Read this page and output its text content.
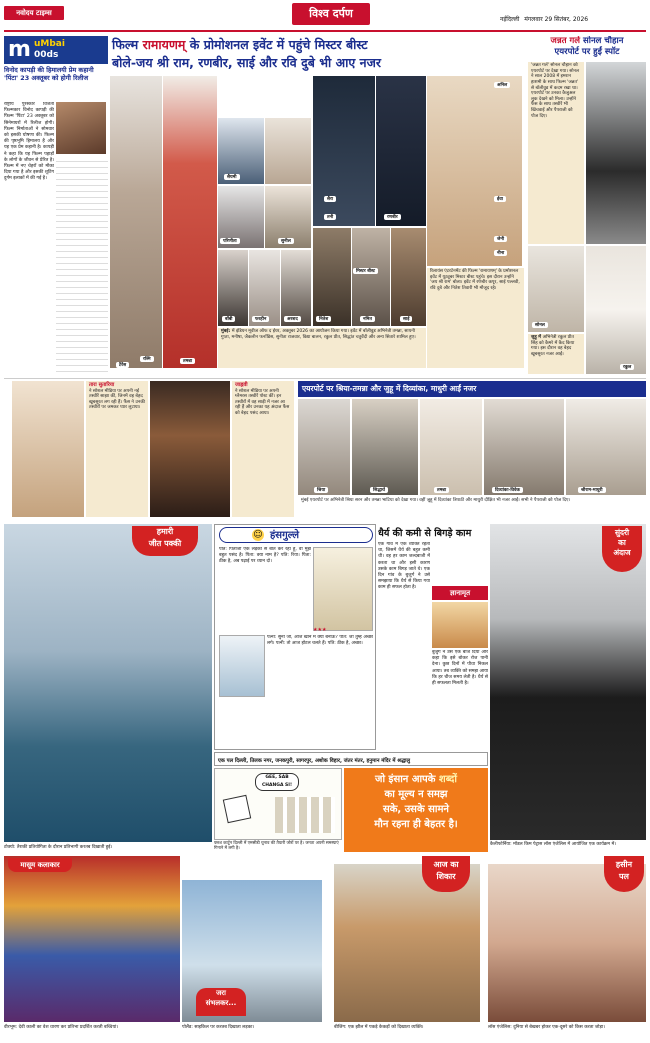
नवोदय टाइम्स	विश्व दर्पण	नईदिल्ली मंगलवार 29 सितंबर, 2026
m uMbai
00ds
विनोद कापड़ी की हिमालयी प्रेम कहानी 'पिंटा' 23 अक्तूबर को होगी रिलीज
राष्ट्रीय पुरस्कार विजेता फिल्मकार विनोद कापड़ी की फिल्म 'पिंटा' 23 अक्तूबर को सिनेमाघरों में रिलीज होगी। फिल्म निर्माताओं ने सोमवार को इसकी घोषणा की। फिल्म की पृष्ठभूमि हिमालय है और यह एक प्रेम कहानी है। कापड़ी ने कहा कि यह फिल्म पहाड़ों के लोगों के जीवन से प्रेरित है। फिल्म में नए चेहरों को मौका दिया गया है और इसकी शूटिंग दुर्गम इलाकों में की गई है।
फिल्म रामायणम् के प्रोमोशनल इवेंट में पहुंचे मिस्टर बीस्ट
बोले-जय श्री राम, रणबीर, साई और रवि दुबे भी आए नजर
रश्मि	तमन्ना
सैयमी
परिणीता	सुनील
बॉबी	फरहीन	अरशद
टैरेंस
तनी	रणबीर
मिस्टर बीस्ट
नितेश	नमित	साई
सैरा
अनिल
ईवा
जेनी
नीना
मुंबई: में इंडियन मूवीज ऑफ द ईयर, अक्तूबर 2026 का आयोजन किया गया। इवेंट में बॉलीवुड अभिनेत्री तमन्ना, सायनी गुप्ता, मनीषा, जैकलीन फर्नांडिस, सुनीता राजवार, विद्या बालन, रकुल प्रीत, सिद्धांत चतुर्वेदी और अन्य सितारे शामिल हुए।
रिलायंस एंटरटेनमेंट की फिल्म 'रामायणम्' के प्रमोशनल इवेंट में यूट्यूबर मिस्टर बीस्ट पहुंचे। इस दौरान उन्होंने 'जय श्री राम' बोला। इवेंट में रणबीर कपूर, साई पल्लवी, रवि दुबे और नितेश तिवारी भी मौजूद रहे।
जन्नत गर्ल सोनल चौहान
एयरपोर्ट पर हुईं स्पॉट
'जन्नत गर्ल' सोनल चौहान को एयरपोर्ट पर देखा गया। सोनल ने साल 2008 में इमरान हाशमी के साथ फिल्म 'जन्नत' से बॉलीवुड में कदम रखा था। एयरपोर्ट पर उनका कैजुअल लुक देखने को मिला। उन्होंने फैंस के साथ तस्वीरें भी खिंचवाईं और पैपराजी को पोज दिए।
सोनल
रकुल
जुहू में अभिनेत्री रकुल प्रीत सिंह को कैमरे में कैद किया गया। इस दौरान वह बेहद खूबसूरत नजर आईं।
तारा सुतारिया
ने सोशल मीडिया पर अपनी नई तस्वीरें साझा कीं, जिनमें वह बेहद खूबसूरत लग रही हैं। फैंस ने उनकी तस्वीरों पर जमकर प्यार लुटाया।
जाह्नवी
ने सोशल मीडिया पर अपनी ग्लैमरस तस्वीरें पोस्ट कीं। इन तस्वीरों में वह साड़ी में नजर आ रही हैं और उनका यह अंदाज फैंस को बेहद पसंद आया।
एयरपोर्ट पर श्रिया-तमन्ना और जुहू में दिव्यांका, माधुरी आईं नजर
श्रिया	सिद्धार्थ	तमन्ना	दिव्यांका-विवेक	श्रीराम-माधुरी
मुंबई एयरपोर्ट पर अभिनेत्री श्रिया सरन और तमन्ना भाटिया को देखा गया। वहीं जुहू में दिव्यांका त्रिपाठी और माधुरी दीक्षित भी नजर आईं। सभी ने पैपराजी को पोज दिए।
हमारी
जीत पक्की
टोक्यो: तैराकी प्रतियोगिता के दौरान प्रतिभागी करतब दिखाती हुई।
☺ हंसगुल्ले
पति: पिताजी एक लड़की से बात कर रहा हूं, वो मुझे बहुत पसंद है। पिता: क्या नाम है? पति: रिया। पिता: ठीक है, अब पढ़ाई पर ध्यान दो।
★★★
पत्नी: सुनो जी, आज खाने में क्या बनाऊं? पति: जो तुम्हें अच्छा लगे। पत्नी: तो आज होटल चलते हैं। पति: ठीक है, अच्छा।
धैर्य की कमी से बिगड़े काम
एक गांव में एक व्यक्ति रहता था, जिसमें धैर्य की बहुत कमी थी। वह हर काम जल्दबाजी में करता था और इसी कारण उसके काम बिगड़ जाते थे। एक दिन गांव के बुजुर्ग ने उसे समझाया कि धैर्य से किया गया काम ही सफल होता है।
ज्ञानामृत
बुजुर्ग ने उसे एक बीज दिया और कहा कि इसे बोकर रोज पानी देना। कुछ दिनों में पौधा निकल आया। तब व्यक्ति को समझ आया कि हर चीज समय लेती है। धैर्य से ही सफलता मिलती है।
सुंदरी
का
अंदाज
कैलीफोर्निया: मॉडल किम पेट्रास लॉस एंजेलिस में आयोजित एक कार्यक्रम में।
एक पल दिल्ली, तिलक नगर, जनकपुरी, सागरपुर, अशोक विहार, जंतर मंतर, हनुमान मंदिर में श्रद्धालु
GEE, SAB CHANGA SI!
जो इंसान आपके शब्दों
का मूल्य न समझ
सके, उसके सामने
मौन रहना ही बेहतर है।
फ्लश कार्टून दिल्ली में एमसीडी चुनाव की तैयारी जोरों पर है। जनता अपनी समस्याएं गिनाने में लगी है।
मासूम कलाकार
वीरभूम: देवी काली का वेश धारण कर प्रतिभा प्रदर्शित करती बच्चियां।
जरा
संभलकर...
पोलैंड: साइकिल पर करतब दिखाता लड़का।
आज का
शिकार
बीजिंग: एक झील में पकड़े केकड़ों को दिखाता व्यक्ति।
हसीन
पल
लॉस एंजेलिस: दुनिया से बेखबर होकर एक-दूसरे को किस करता जोड़ा।
